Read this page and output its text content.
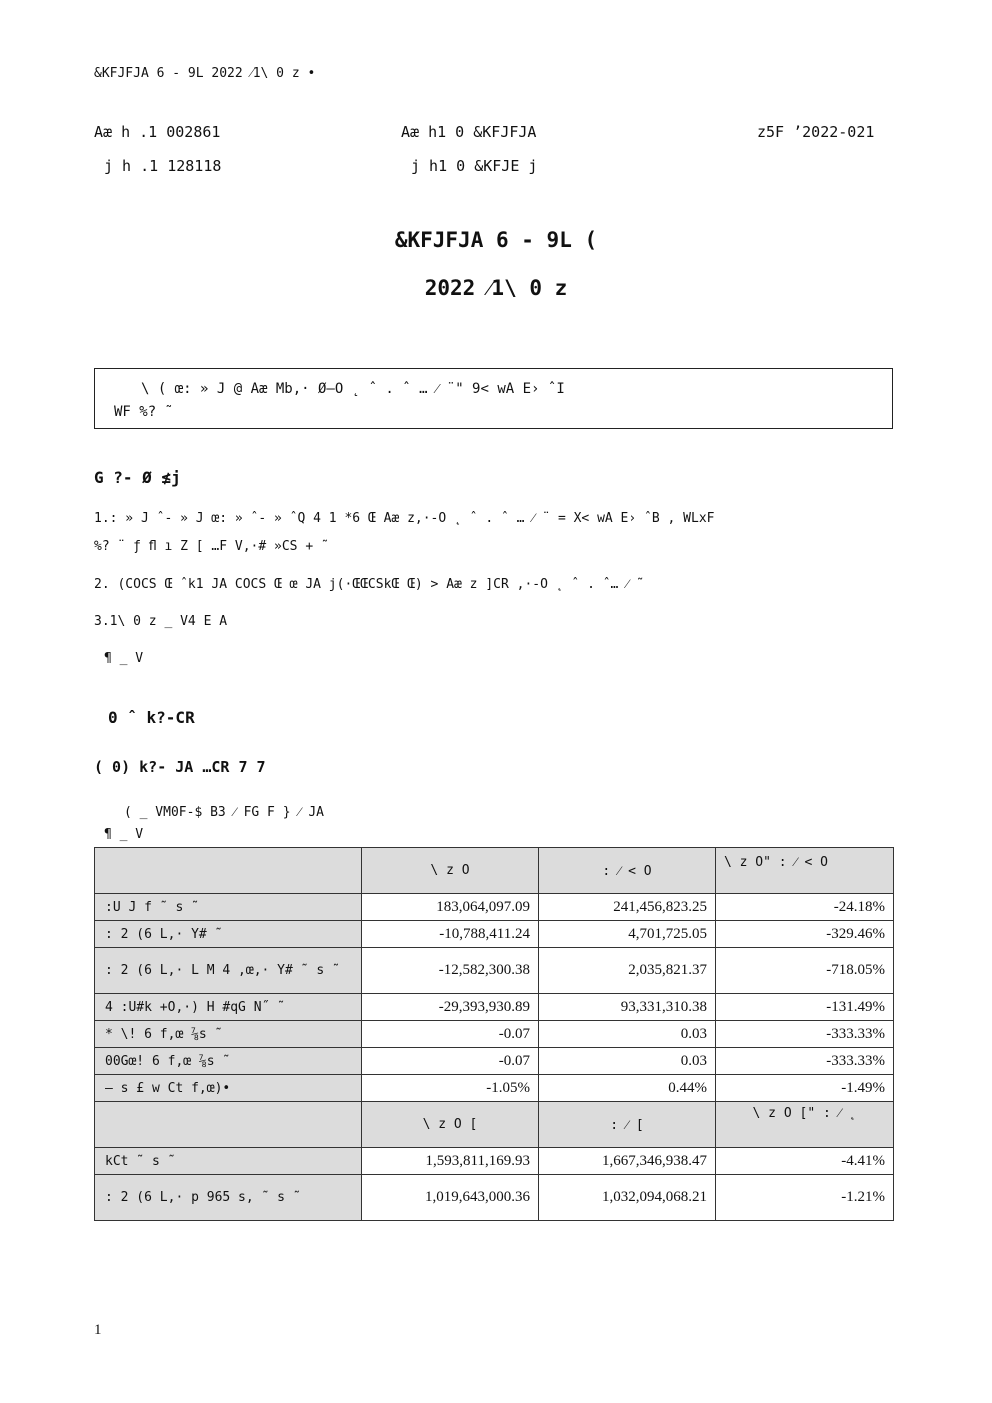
&KFJFJA 6 - 9L 2022 ⁄1\ 0 z •
Aæ h .1 002861	Aæ h1 0 &KFJFJA	z5F ’2022-021
j h .1 128118	j h1 0 &KFJE j
&KFJFJA 6 - 9L (
2022 ⁄1\ 0 z
\ ( œ: » J @ Aæ Mb,· Ø–O ˛ ˆ . ˆ … ⁄ ¨" 9< wA E› ˆI
WF %? ˜
G ?- Ø ≰j
1.: » J ˆ- » J œ: » ˆ- » ˆQ 4 1 *6 Œ Aæ z,·-O ˛ ˆ . ˆ … ⁄ ¨ = X< wA E› ˆB , WLxF
%? ¨ ƒ ﬂ ı Z [ …F V,·# »CS + ˜
2. (COCS Œ ˆk1 JA COCS Œ œ JA j(·ŒŒCSkŒ Œ) > Aæ z ]CR ,·-O ˛ ˆ . ˆ… ⁄ ˜
3.1\ 0 z _ V4 E A
¶ _ V
0 ˆ k?-CR
( 0) k?- JA …CR 7 7
( _ VM0F-$ B3 ⁄ FG F } ⁄ JA
¶ _ V
	\ z O	: ⁄ < O	\ z O" : ⁄ < O
:U J f ˜ s ˜	183,064,097.09	241,456,823.25	-24.18%
: 2 (6 L,· Y# ˜	-10,788,411.24	4,701,725.05	-329.46%
: 2 (6 L,· L M 4 ,œ,· Y# ˜ s ˜	-12,582,300.38	2,035,821.37	-718.05%
4 :U#k +O,·) H #qG N˝ ˜	-29,393,930.89	93,331,310.38	-131.49%
* \! 6 f,œ ⅞s ˜	-0.07	0.03	-333.33%
00Gœ! 6 f,œ ⅞s ˜	-0.07	0.03	-333.33%
— s £ w Ct f,œ)•	-1.05%	0.44%	-1.49%
	\ z O [	: ⁄ [	\ z O [" : ⁄ ˛
kCt ˜ s ˜	1,593,811,169.93	1,667,346,938.47	-4.41%
: 2 (6 L,· p 965 s, ˜ s ˜	1,019,643,000.36	1,032,094,068.21	-1.21%
1
